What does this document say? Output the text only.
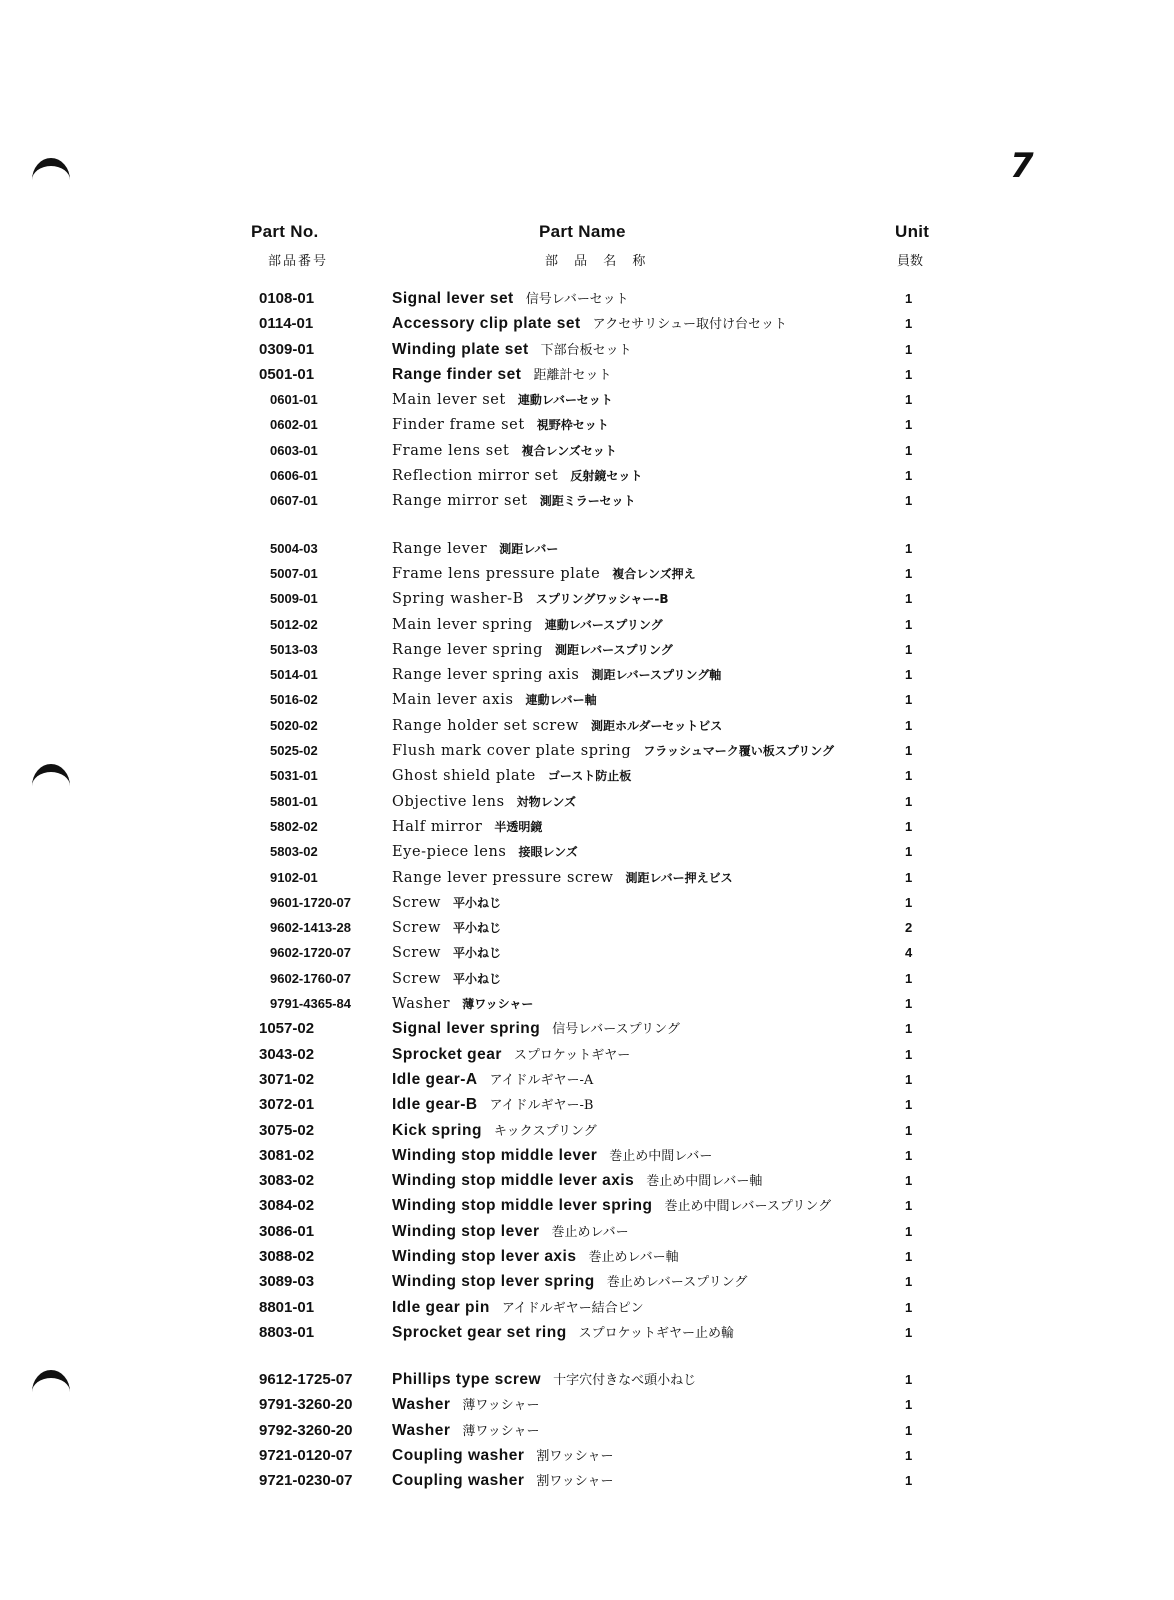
7
Part No.
部品番号
Part Name
部 品 名 称
Unit
員数
0108-01	Signal lever set 信号レバーセット	1
0114-01	Accessory clip plate set アクセサリシュー取付け台セット	1
0309-01	Winding plate set 下部台板セット	1
0501-01	Range finder set 距離計セット	1
0601-01	Main lever set 連動レバーセット	1
0602-01	Finder frame set 視野枠セット	1
0603-01	Frame lens set 複合レンズセット	1
0606-01	Reflection mirror set 反射鏡セット	1
0607-01	Range mirror set 測距ミラーセット	1
5004-03	Range lever 測距レバー	1
5007-01	Frame lens pressure plate 複合レンズ押え	1
5009-01	Spring washer-B スプリングワッシャー-B	1
5012-02	Main lever spring 連動レバースプリング	1
5013-03	Range lever spring 測距レバースプリング	1
5014-01	Range lever spring axis 測距レバースプリング軸	1
5016-02	Main lever axis 連動レバー軸	1
5020-02	Range holder set screw 測距ホルダーセットビス	1
5025-02	Flush mark cover plate spring フラッシュマーク覆い板スプリング	1
5031-01	Ghost shield plate ゴースト防止板	1
5801-01	Objective lens 対物レンズ	1
5802-02	Half mirror 半透明鏡	1
5803-02	Eye-piece lens 接眼レンズ	1
9102-01	Range lever pressure screw 測距レバー押えビス	1
9601-1720-07	Screw 平小ねじ	1
9602-1413-28	Screw 平小ねじ	2
9602-1720-07	Screw 平小ねじ	4
9602-1760-07	Screw 平小ねじ	1
9791-4365-84	Washer 薄ワッシャー	1
1057-02	Signal lever spring 信号レバースプリング	1
3043-02	Sprocket gear スプロケットギヤー	1
3071-02	Idle gear-A アイドルギヤー-A	1
3072-01	Idle gear-B アイドルギヤー-B	1
3075-02	Kick spring キックスプリング	1
3081-02	Winding stop middle lever 巻止め中間レバー	1
3083-02	Winding stop middle lever axis 巻止め中間レバー軸	1
3084-02	Winding stop middle lever spring 巻止め中間レバースプリング	1
3086-01	Winding stop lever 巻止めレバー	1
3088-02	Winding stop lever axis 巻止めレバー軸	1
3089-03	Winding stop lever spring 巻止めレバースプリング	1
8801-01	Idle gear pin アイドルギヤー結合ピン	1
8803-01	Sprocket gear set ring スプロケットギヤー止め輪	1
9612-1725-07	Phillips type screw 十字穴付きなべ頭小ねじ	1
9791-3260-20	Washer 薄ワッシャー	1
9792-3260-20	Washer 薄ワッシャー	1
9721-0120-07	Coupling washer 割ワッシャー	1
9721-0230-07	Coupling washer 割ワッシャー	1
